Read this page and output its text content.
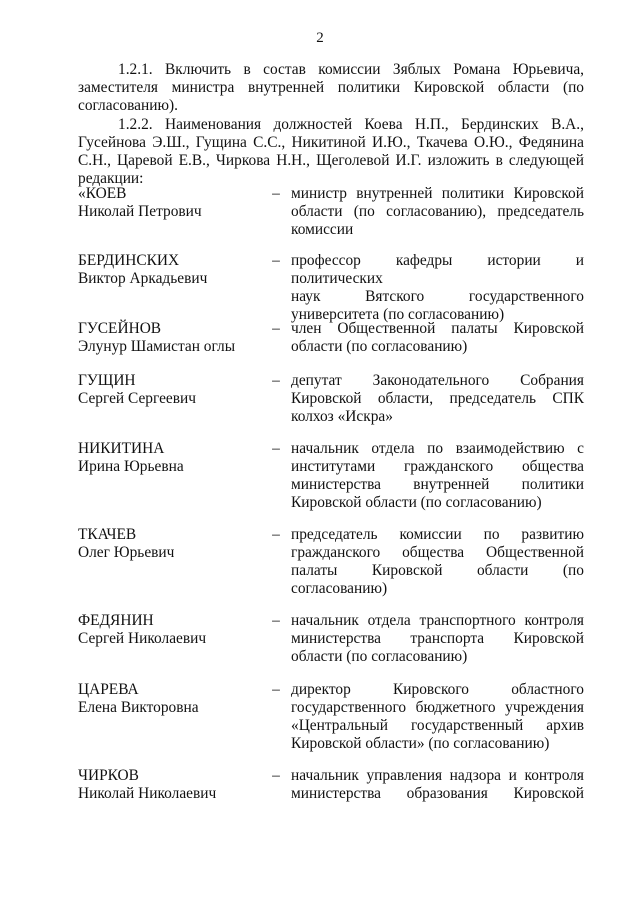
2
1.2.1. Включить в состав комиссии Зяблых Романа Юрьевича, заместителя министра внутренней политики Кировской области (по согласованию).
1.2.2. Наименования должностей Коева Н.П., Бердинских В.А., Гусейнова Э.Ш., Гущина С.С., Никитиной И.Ю., Ткачева О.Ю., Федянина С.Н., Царевой Е.В., Чиркова Н.Н., Щеголевой И.Г. изложить в следующей редакции:
«КОЕВ
Николай Петрович
– министр внутренней политики Кировской
области (по согласованию), председатель
комиссии
БЕРДИНСКИХ
Виктор Аркадьевич
– профессор кафедры истории и политических
наук Вятского государственного
университета (по согласованию)
ГУСЕЙНОВ
Элунур Шамистан оглы
– член Общественной палаты Кировской
области (по согласованию)
ГУЩИН
Сергей Сергеевич
– депутат Законодательного Собрания
Кировской области, председатель СПК
колхоз «Искра»
НИКИТИНА
Ирина Юрьевна
– начальник отдела по взаимодействию с
институтами гражданского общества
министерства внутренней политики
Кировской области (по согласованию)
ТКАЧЕВ
Олег Юрьевич
– председатель комиссии по развитию
гражданского общества Общественной
палаты Кировской области (по
согласованию)
ФЕДЯНИН
Сергей Николаевич
– начальник отдела транспортного контроля
министерства транспорта Кировской
области (по согласованию)
ЦАРЕВА
Елена Викторовна
– директор Кировского областного
государственного бюджетного учреждения
«Центральный государственный архив
Кировской области» (по согласованию)
ЧИРКОВ
Николай Николаевич
– начальник управления надзора и контроля
министерства образования Кировской
